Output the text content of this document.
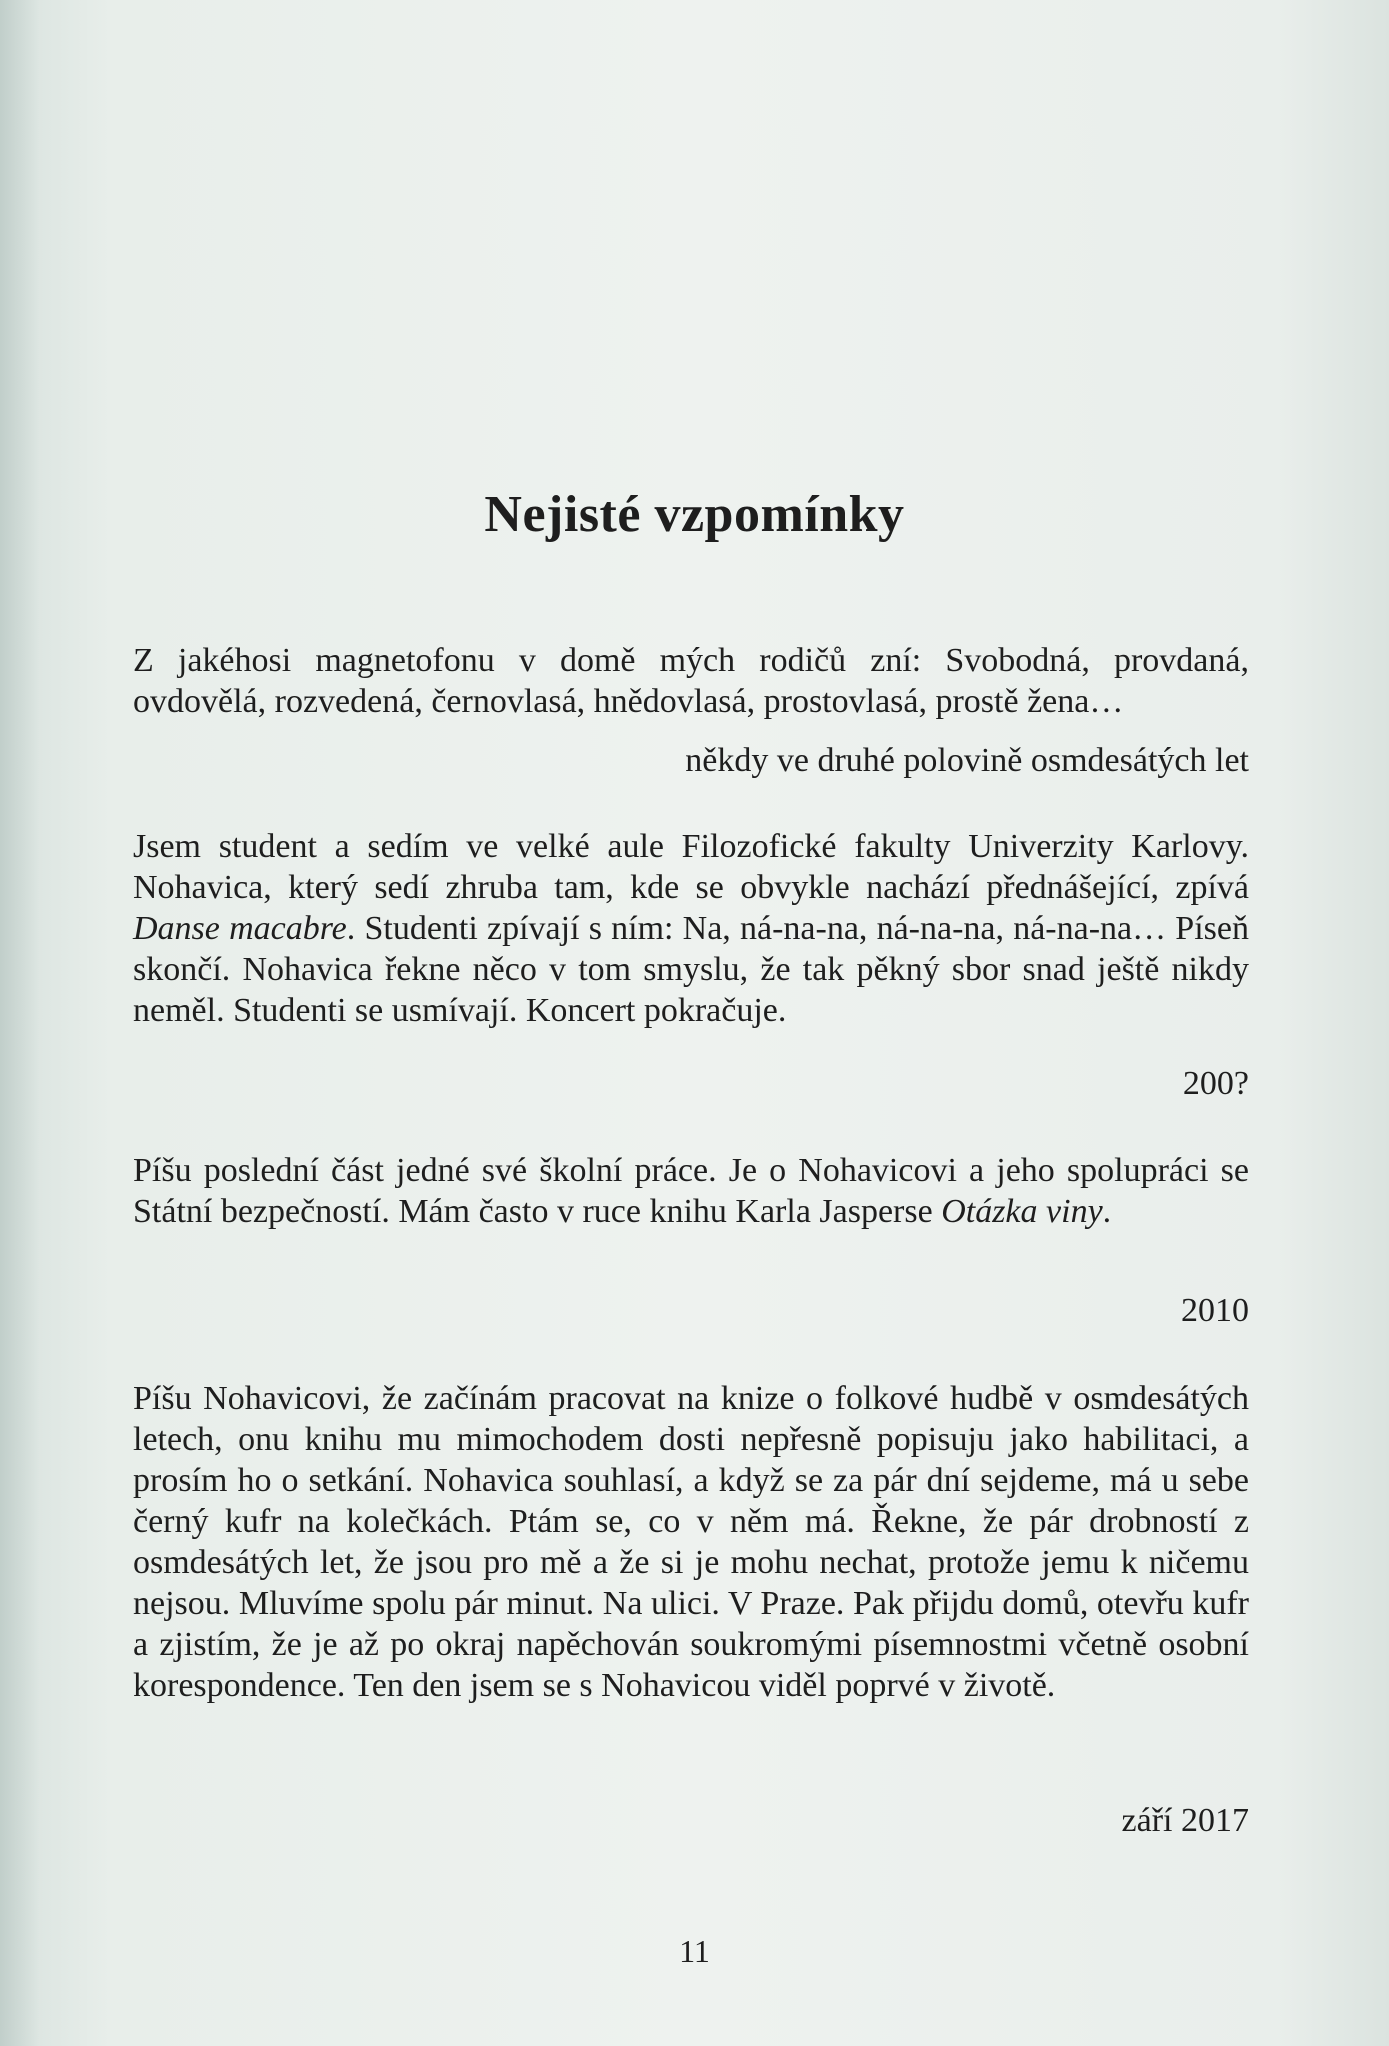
Nejisté vzpomínky

Z jakéhosi magnetofonu v domě mých rodičů zní: Svobodná, provdaná, ovdovělá, rozvedená, černovlasá, hnědovlasá, prostovlasá, prostě žena…

někdy ve druhé polovině osmdesátých let

Jsem student a sedím ve velké aule Filozofické fakulty Univerzity Karlovy. Nohavica, který sedí zhruba tam, kde se obvykle nachází přednášející, zpívá Danse macabre. Studenti zpívají s ním: Na, ná-na-na, ná-na-na, ná-na-na… Píseň skončí. Nohavica řekne něco v tom smyslu, že tak pěkný sbor snad ještě nikdy neměl. Studenti se usmívají. Koncert pokračuje.

200?

Píšu poslední část jedné své školní práce. Je o Nohavicovi a jeho spolupráci se Státní bezpečností. Mám často v ruce knihu Karla Jasperse Otázka viny.

2010

Píšu Nohavicovi, že začínám pracovat na knize o folkové hudbě v osmdesátých letech, onu knihu mu mimochodem dosti nepřesně popisuju jako habilitaci, a prosím ho o setkání. Nohavica souhlasí, a když se za pár dní sejdeme, má u sebe černý kufr na kolečkách. Ptám se, co v něm má. Řekne, že pár drobností z osmdesátých let, že jsou pro mě a že si je mohu nechat, protože jemu k ničemu nejsou. Mluvíme spolu pár minut. Na ulici. V Praze. Pak přijdu domů, otevřu kufr a zjistím, že je až po okraj napěchován soukromými písemnostmi včetně osobní korespondence. Ten den jsem se s Nohavicou viděl poprvé v životě.

září 2017

11
